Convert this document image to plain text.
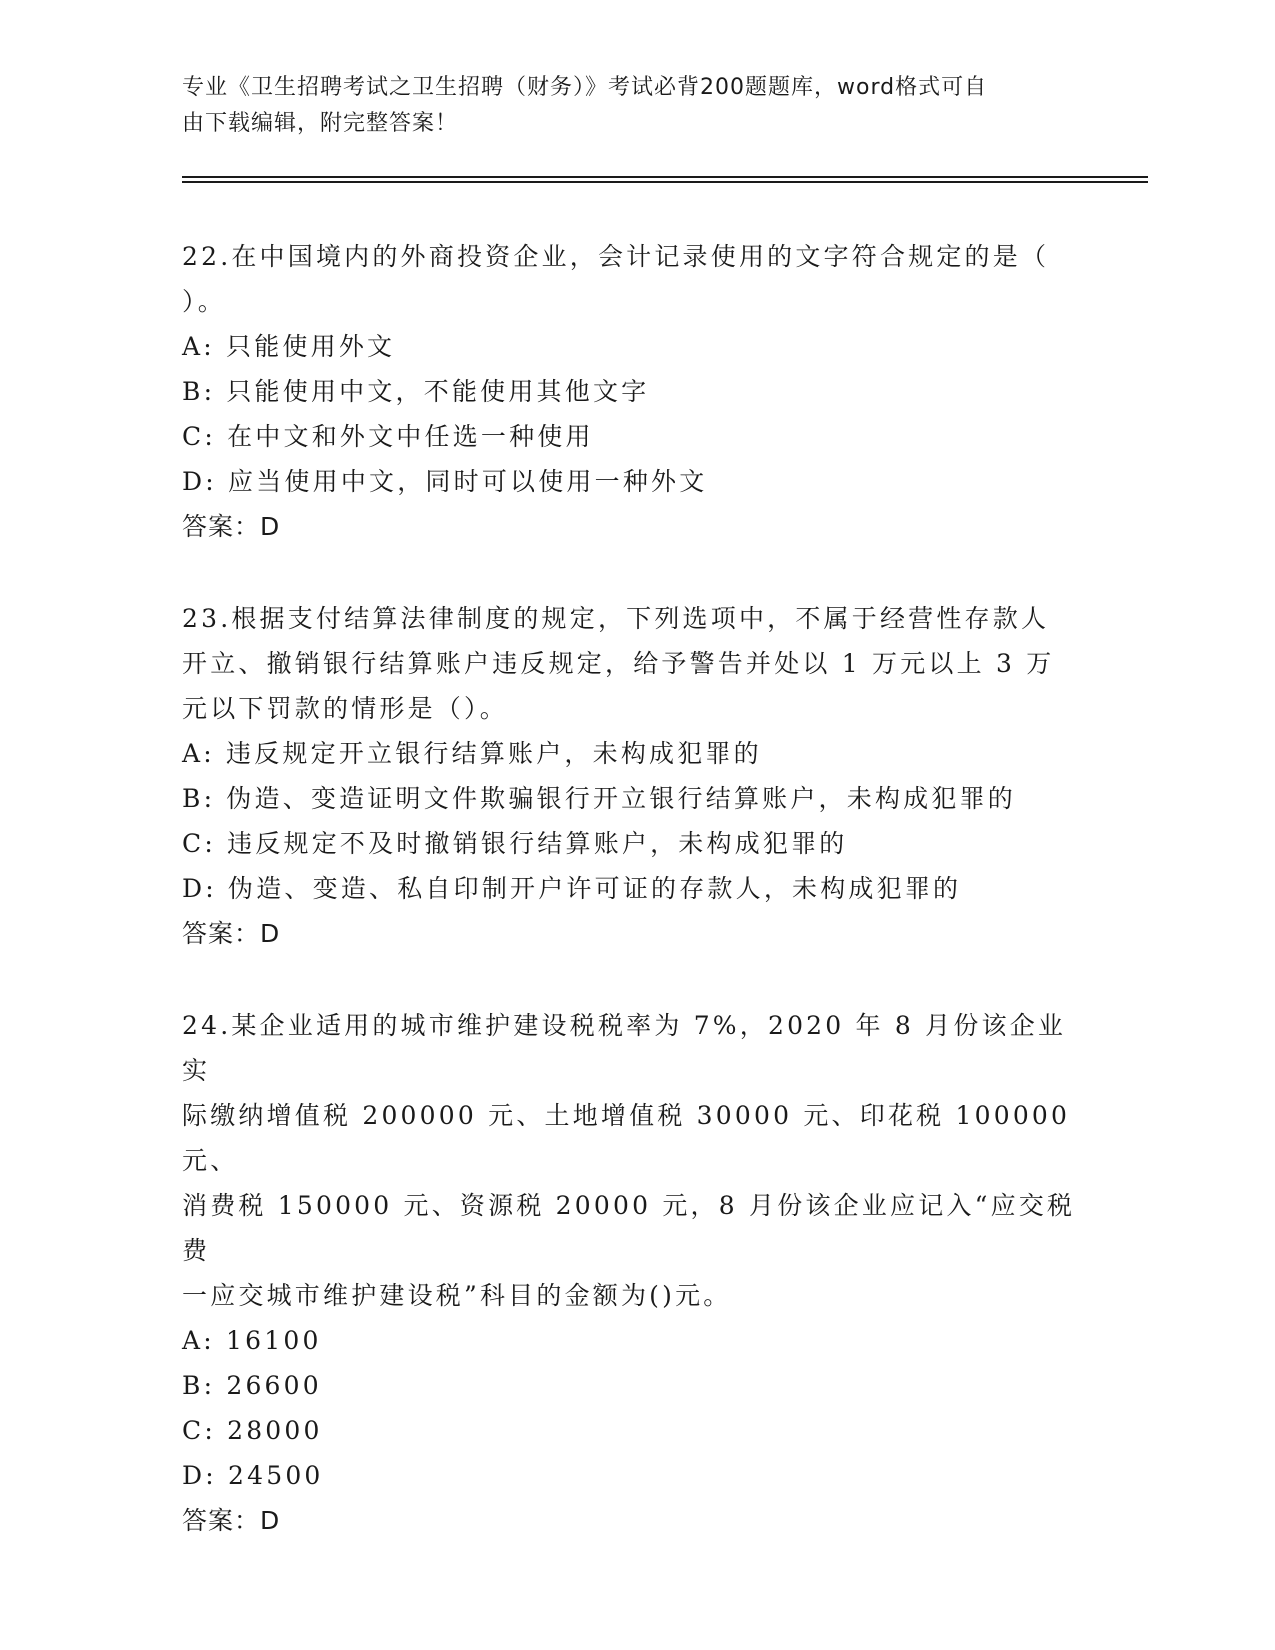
专业《卫生招聘考试之卫生招聘（财务）》考试必背200题题库，word格式可自
由下载编辑，附完整答案！

22.在中国境内的外商投资企业，会计记录使用的文字符合规定的是（

）。

A: 只能使用外文

B: 只能使用中文，不能使用其他文字

C: 在中文和外文中任选一种使用

D: 应当使用中文，同时可以使用一种外文

答案：D

23.根据支付结算法律制度的规定，下列选项中，不属于经营性存款人

开立、撤销银行结算账户违反规定，给予警告并处以 1 万元以上 3 万

元以下罚款的情形是（）。

A: 违反规定开立银行结算账户，未构成犯罪的

B: 伪造、变造证明文件欺骗银行开立银行结算账户，未构成犯罪的

C: 违反规定不及时撤销银行结算账户，未构成犯罪的

D: 伪造、变造、私自印制开户许可证的存款人，未构成犯罪的

答案：D

24.某企业适用的城市维护建设税税率为 7%，2020 年 8 月份该企业实

际缴纳增值税 200000 元、土地增值税 30000 元、印花税 100000 元、

消费税 150000 元、资源税 20000 元，8 月份该企业应记入“应交税费

一应交城市维护建设税”科目的金额为()元。

A: 16100

B: 26600

C: 28000

D: 24500

答案：D
